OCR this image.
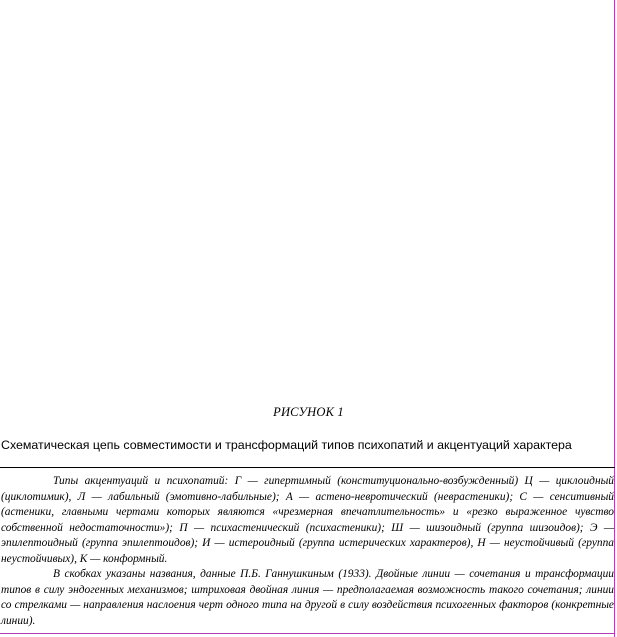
РИСУНОК 1
Схематическая цепь совместимости и трансформаций типов психопатий и акцентуаций характера

Типы акцентуаций и психопатий: Г — гипертимный (конституционально-возбужденный) Ц — циклоидный (циклотимик), Л — лабильный (эмотивно-лабильные); А — астено-невротический (неврастеники); С — сенситивный (астеники, главными чертами которых являются «чрезмерная впечатлительность» и «резко выраженное чувство собственной недостаточности»); П — психастенический (психастеники); Ш — шизоидный (группа шизоидов); Э — эпилептоидный (группа эпилептоидов); И — истероидный (группа истерических характеров), Н — неустойчивый (группа неустойчивых), К — конформный.

В скобках указаны названия, данные П.Б. Ганнушкиным (1933). Двойные линии — сочетания и трансформации типов в силу эндогенных механизмов; штриховая двойная линия — предполагаемая возможность такого сочетания; линии со стрелками — направления наслоения черт одного типа на другой в силу воздействия психогенных факторов (конкретные линии).
